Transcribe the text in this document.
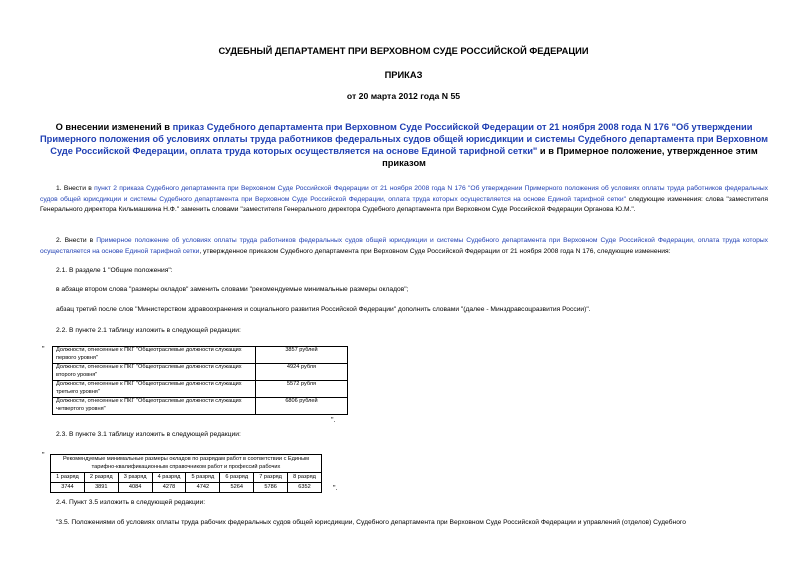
СУДЕБНЫЙ ДЕПАРТАМЕНТ ПРИ ВЕРХОВНОМ СУДЕ РОССИЙСКОЙ ФЕДЕРАЦИИ
ПРИКАЗ
от 20 марта 2012 года N 55
О внесении изменений в приказ Судебного департамента при Верховном Суде Российской Федерации от 21 ноября 2008 года N 176 "Об утверждении Примерного положения об условиях оплаты труда работников федеральных судов общей юрисдикции и системы Судебного департамента при Верховном Суде Российской Федерации, оплата труда которых осуществляется на основе Единой тарифной сетки" и в Примерное положение, утвержденное этим приказом
1. Внести в пункт 2 приказа Судебного департамента при Верховном Суде Российской Федерации от 21 ноября 2008 года N 176 "Об утверждении Примерного положения об условиях оплаты труда работников федеральных судов общей юрисдикции и системы Судебного департамента при Верховном Суде Российской Федерации, оплата труда которых осуществляется на основе Единой тарифной сетки" следующие изменения: слова "заместителя Генерального директора Кильмашкина Н.Ф." заменить словами "заместителя Генерального директора Судебного департамента при Верховном Суде Российской Федерации Органова Ю.М.".
2. Внести в Примерное положение об условиях оплаты труда работников федеральных судов общей юрисдикции и системы Судебного департамента при Верховном Суде Российской Федерации, оплата труда которых осуществляется на основе Единой тарифной сетки, утвержденное приказом Судебного департамента при Верховном Суде Российской Федерации от 21 ноября 2008 года N 176, следующие изменения:
2.1. В разделе 1 "Общие положения":
в абзаце втором слова "размеры окладов" заменить словами "рекомендуемые минимальные размеры окладов";
абзац третий после слов "Министерством здравоохранения и социального развития Российской Федерации" дополнить словами "(далее - Минздравсоцразвития России)".
2.2. В пункте 2.1 таблицу изложить в следующей редакции:
" Должности, отнесенные к ПКГ "Общеотраслевые должности служащих первого уровня"	3857 рублей
Должности, отнесенные к ПКГ "Общеотраслевые должности служащих второго уровня"	4924 рубля
Должности, отнесенные к ПКГ "Общеотраслевые должности служащих третьего уровня"	5572 рубля
Должности, отнесенные к ПКГ "Общеотраслевые должности служащих четвертого уровня"	6806 рублей
".
2.3. В пункте 3.1 таблицу изложить в следующей редакции:
"	Рекомендуемые минимальные размеры окладов по разрядам работ в соответствии с Единым тарифно-квалификационным справочником работ и профессий рабочих							
1 разряд	2 разряд	3 разряд	4 разряд	5 разряд	6 разряд	7 разряд	8 разряд
3744	3891	4084	4278	4742	5264	5786	6352	".
2.4. Пункт 3.5 изложить в следующей редакции:
"3.5. Положениями об условиях оплаты труда рабочих федеральных судов общей юрисдикции, Судебного департамента при Верховном Суде Российской Федерации и управлений (отделов) Судебного
